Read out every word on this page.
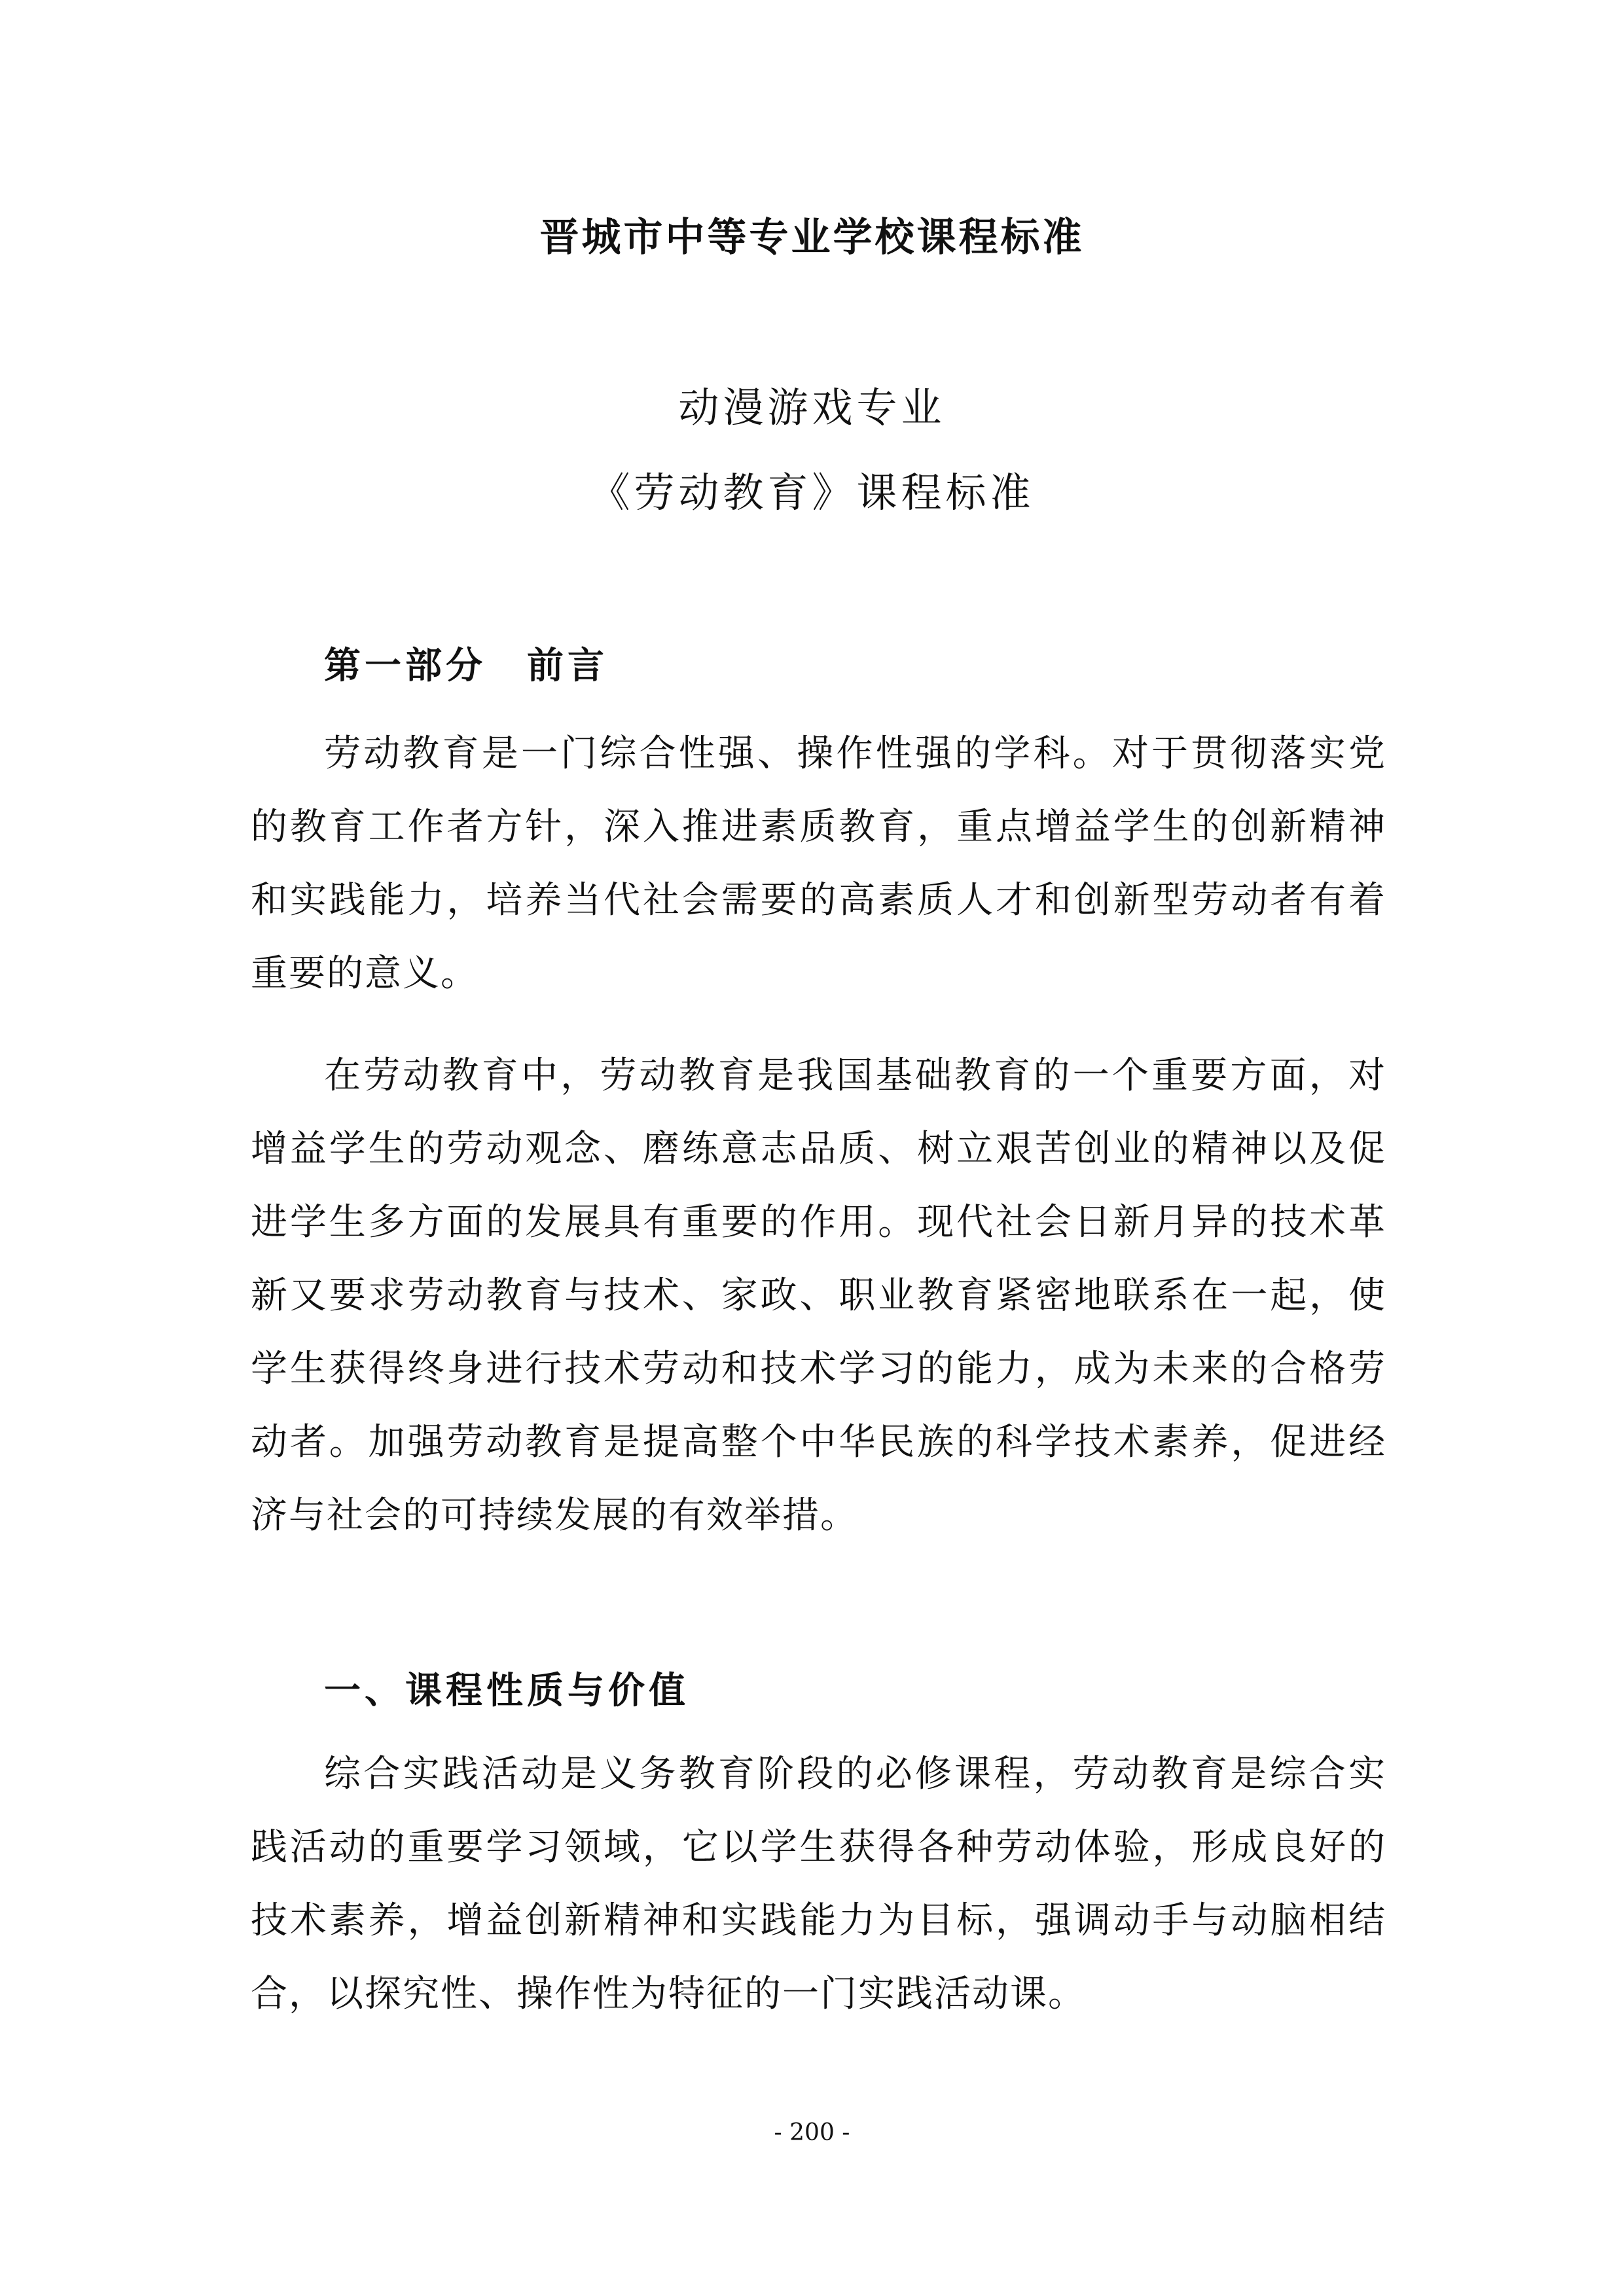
晋城市中等专业学校课程标准
动漫游戏专业
《劳动教育》课程标准
第一部分　前言

劳动教育是一门综合性强、操作性强的学科。对于贯彻落实党的教育工作者方针，深入推进素质教育，重点增益学生的创新精神和实践能力，培养当代社会需要的高素质人才和创新型劳动者有着重要的意义。

在劳动教育中，劳动教育是我国基础教育的一个重要方面，对增益学生的劳动观念、磨练意志品质、树立艰苦创业的精神以及促进学生多方面的发展具有重要的作用。现代社会日新月异的技术革新又要求劳动教育与技术、家政、职业教育紧密地联系在一起，使学生获得终身进行技术劳动和技术学习的能力，成为未来的合格劳动者。加强劳动教育是提高整个中华民族的科学技术素养，促进经济与社会的可持续发展的有效举措。

一、课程性质与价值

综合实践活动是义务教育阶段的必修课程，劳动教育是综合实践活动的重要学习领域，它以学生获得各种劳动体验，形成良好的技术素养，增益创新精神和实践能力为目标，强调动手与动脑相结合，以探究性、操作性为特征的一门实践活动课。

- 200 -
